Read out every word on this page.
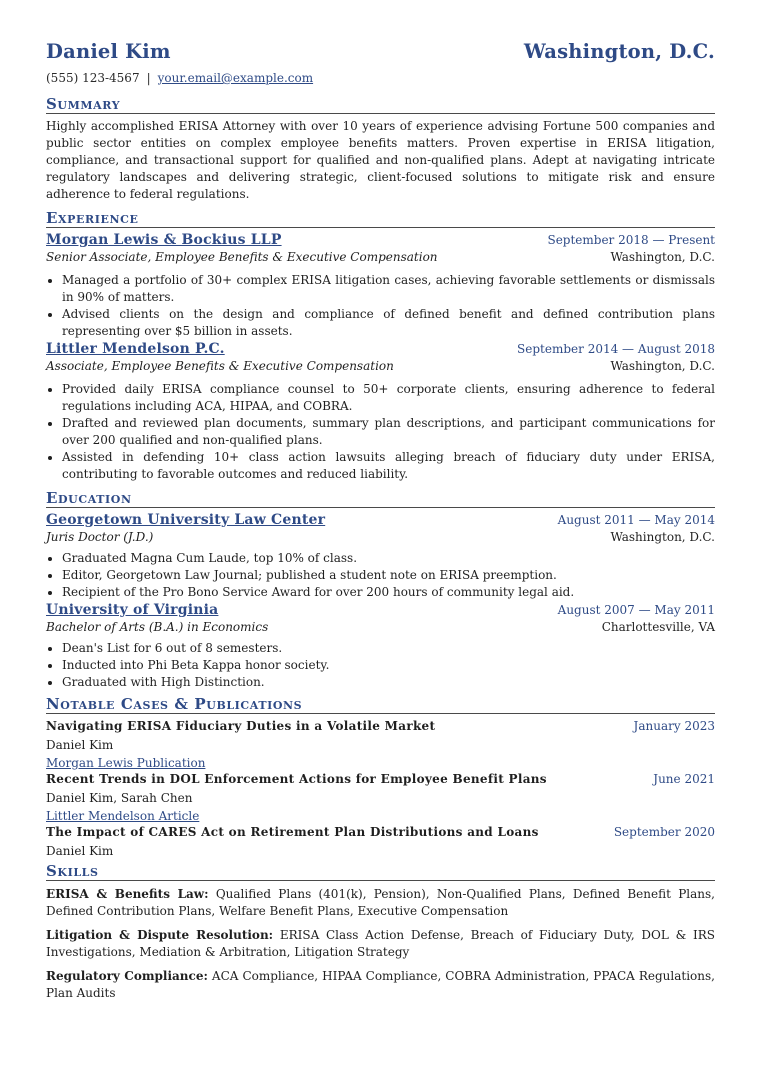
Daniel Kim	Washington, D.C.
(555) 123-4567 | your.email@example.com
Summary
Highly accomplished ERISA Attorney with over 10 years of experience advising Fortune 500 companies and public sector entities on complex employee benefits matters. Proven expertise in ERISA litigation, compliance, and transactional support for qualified and non-qualified plans. Adept at navigating intricate regulatory landscapes and delivering strategic, client-focused solutions to mitigate risk and ensure adherence to federal regulations.
Experience
Morgan Lewis & Bockius LLP	September 2018 — Present
Senior Associate, Employee Benefits & Executive Compensation	Washington, D.C.
• Managed a portfolio of 30+ complex ERISA litigation cases, achieving favorable settlements or dismissals in 90% of matters.
• Advised clients on the design and compliance of defined benefit and defined contribution plans representing over $5 billion in assets.
Littler Mendelson P.C.	September 2014 — August 2018
Associate, Employee Benefits & Executive Compensation	Washington, D.C.
• Provided daily ERISA compliance counsel to 50+ corporate clients, ensuring adherence to federal regulations including ACA, HIPAA, and COBRA.
• Drafted and reviewed plan documents, summary plan descriptions, and participant communications for over 200 qualified and non-qualified plans.
• Assisted in defending 10+ class action lawsuits alleging breach of fiduciary duty under ERISA, contributing to favorable outcomes and reduced liability.
Education
Georgetown University Law Center	August 2011 — May 2014
Juris Doctor (J.D.)	Washington, D.C.
• Graduated Magna Cum Laude, top 10% of class.
• Editor, Georgetown Law Journal; published a student note on ERISA preemption.
• Recipient of the Pro Bono Service Award for over 200 hours of community legal aid.
University of Virginia	August 2007 — May 2011
Bachelor of Arts (B.A.) in Economics	Charlottesville, VA
• Dean's List for 6 out of 8 semesters.
• Inducted into Phi Beta Kappa honor society.
• Graduated with High Distinction.
Notable Cases & Publications
Navigating ERISA Fiduciary Duties in a Volatile Market	January 2023
Daniel Kim
Morgan Lewis Publication
Recent Trends in DOL Enforcement Actions for Employee Benefit Plans	June 2021
Daniel Kim, Sarah Chen
Littler Mendelson Article
The Impact of CARES Act on Retirement Plan Distributions and Loans	September 2020
Daniel Kim
Skills
ERISA & Benefits Law: Qualified Plans (401(k), Pension), Non-Qualified Plans, Defined Benefit Plans, Defined Contribution Plans, Welfare Benefit Plans, Executive Compensation
Litigation & Dispute Resolution: ERISA Class Action Defense, Breach of Fiduciary Duty, DOL & IRS Investigations, Mediation & Arbitration, Litigation Strategy
Regulatory Compliance: ACA Compliance, HIPAA Compliance, COBRA Administration, PPACA Regulations, Plan Audits
